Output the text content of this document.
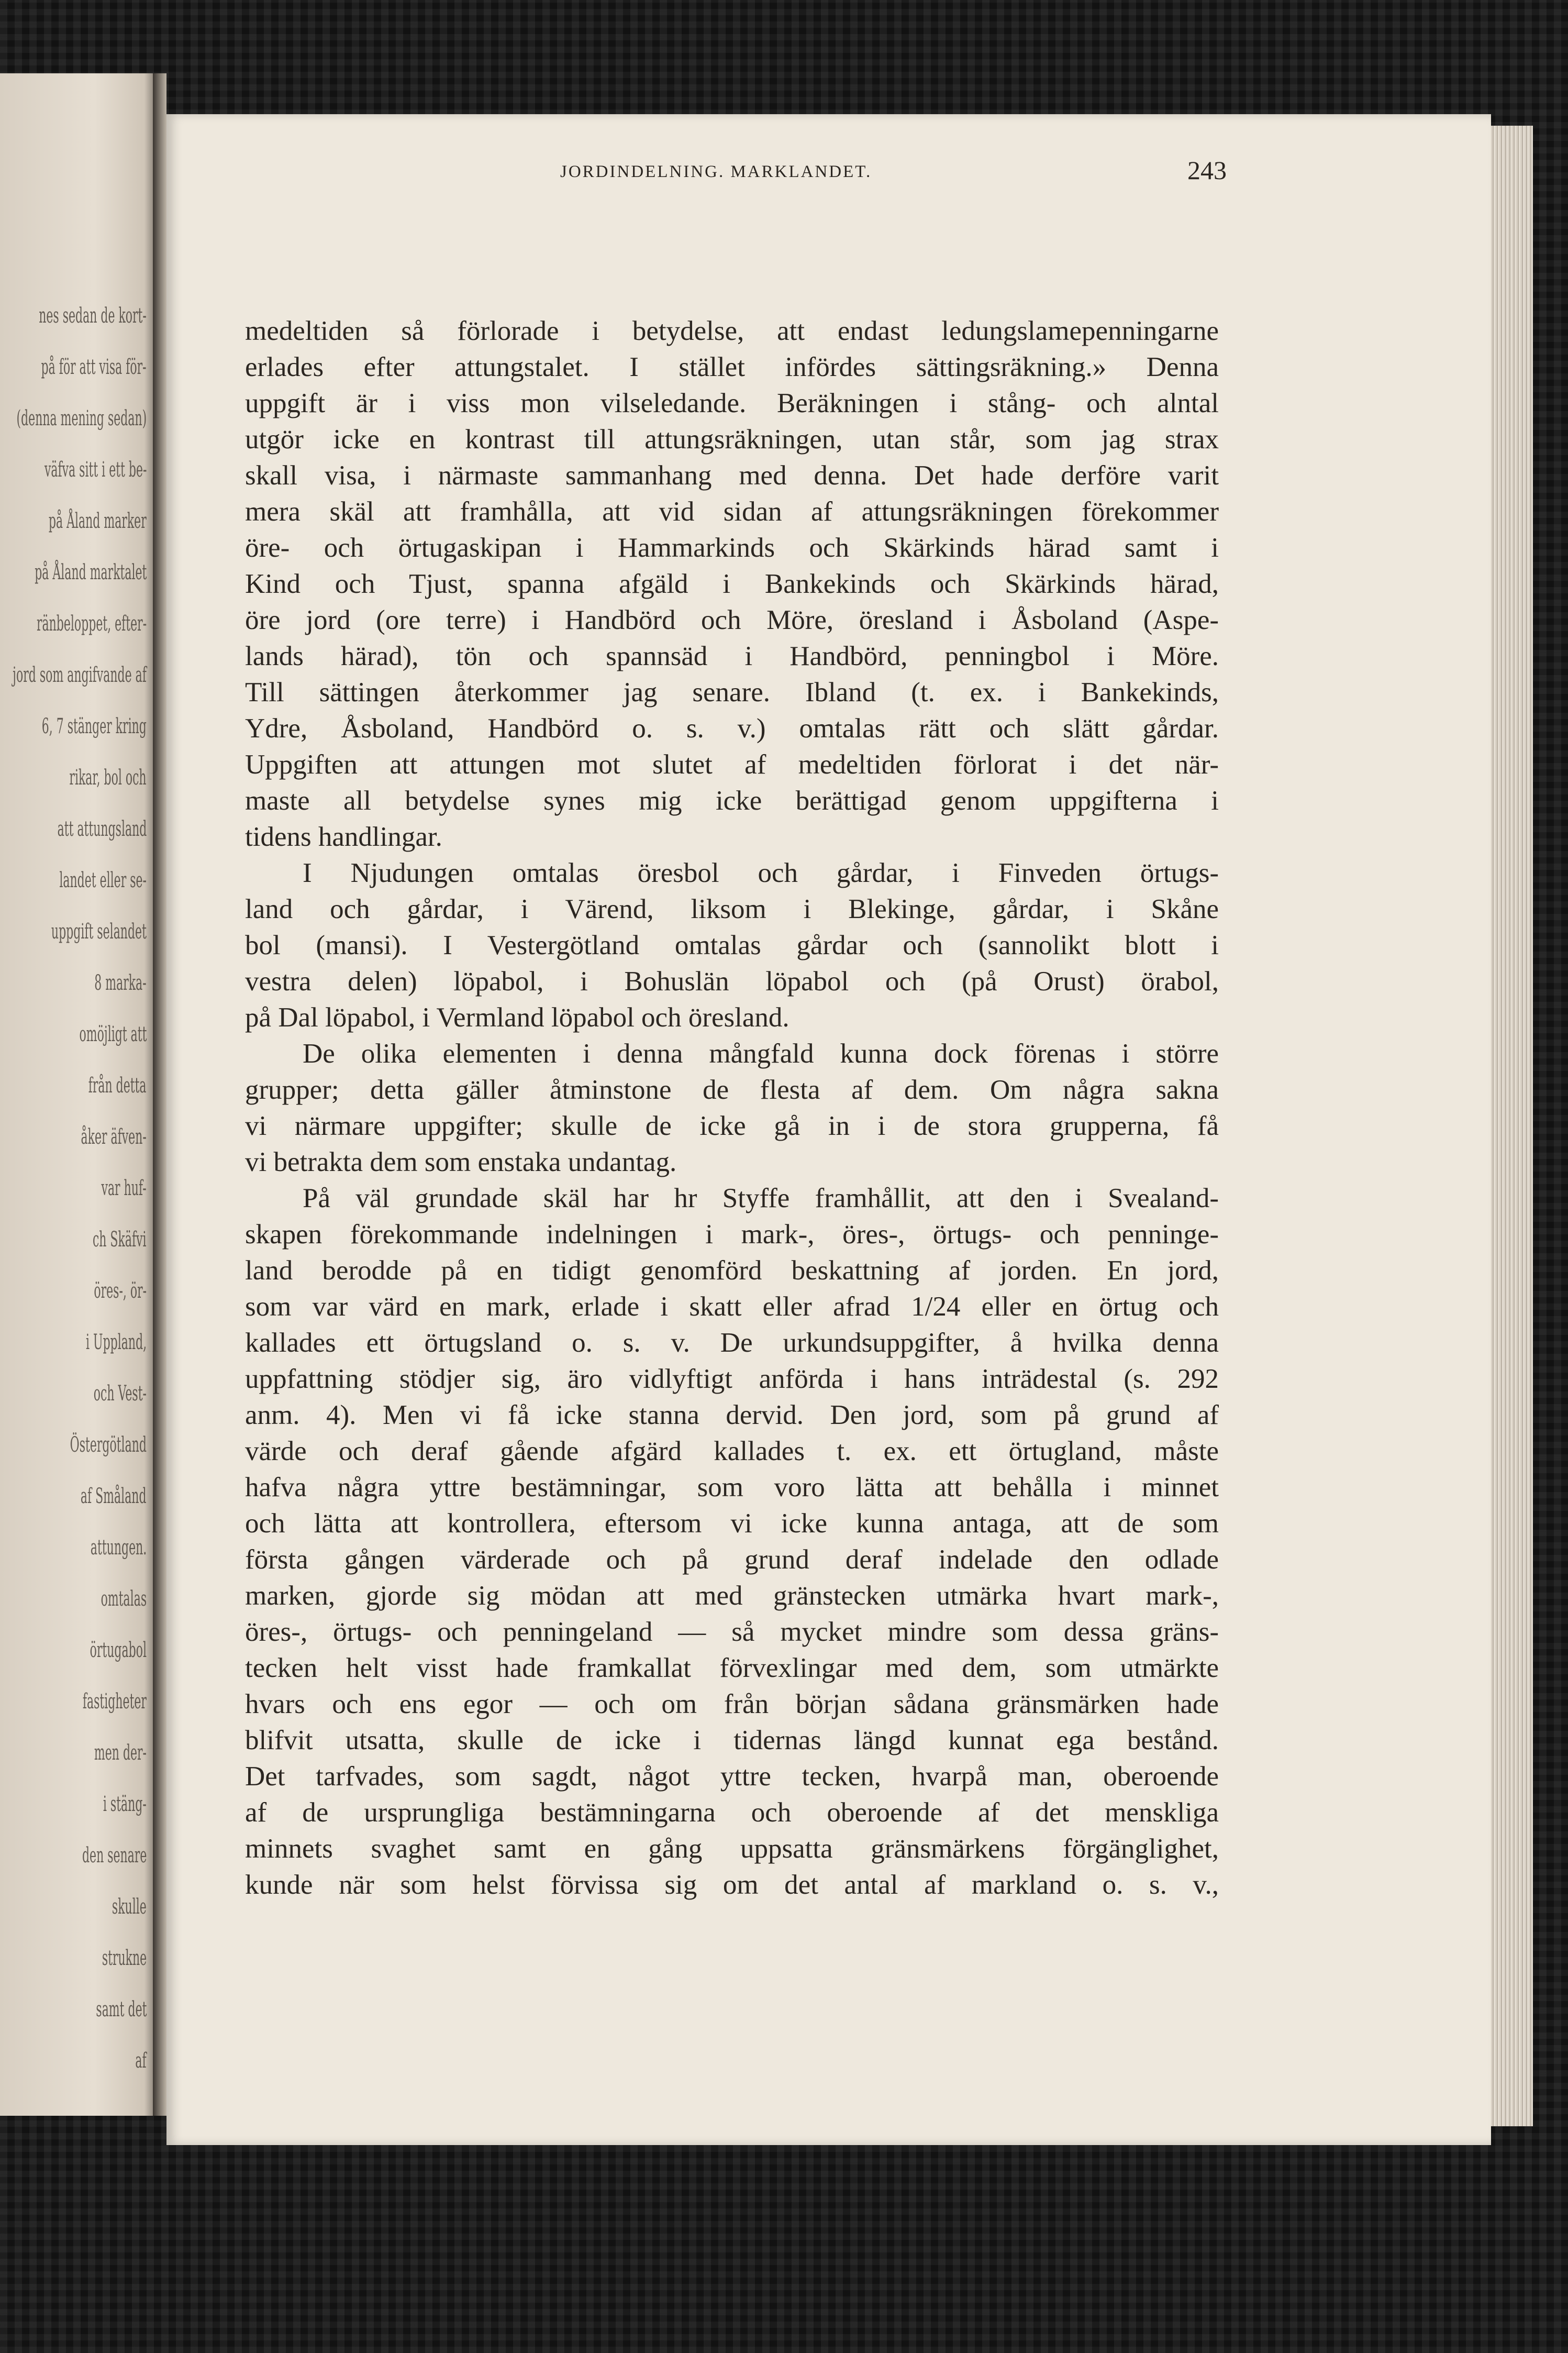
nes sedan de kort-
på för att visa för-
(denna mening sedan)
väfva sitt i ett be-
på Åland marker
på Åland marktalet
ränbeloppet, efter-
jord som angifvande af
6, 7 stänger kring
rikar, bol och
att attungsland
landet eller se-
uppgift selandet
8 marka-
omöjligt att
från detta
åker äfven-
var huf-
ch Skäfvi
öres-, ör-
i Uppland,
och Vest-
Östergötland
af Småland
attungen.
omtalas
örtugabol
fastigheter
men der-
i stäng-
den senare
skulle
strukne
samt det
af
JORDINDELNING. MARKLANDET.	243
medeltiden så förlorade i betydelse, att endast ledungslamepenningarne
erlades efter attungstalet. I stället infördes sättingsräkning.» Denna
uppgift är i viss mon vilseledande. Beräkningen i stång- och alntal
utgör icke en kontrast till attungsräkningen, utan står, som jag strax
skall visa, i närmaste sammanhang med denna. Det hade derföre varit
mera skäl att framhålla, att vid sidan af attungsräkningen förekommer
öre- och örtugaskipan i Hammarkinds och Skärkinds härad samt i
Kind och Tjust, spanna afgäld i Bankekinds och Skärkinds härad,
öre jord (ore terre) i Handbörd och Möre, öresland i Åsboland (Aspe-
lands härad), tön och spannsäd i Handbörd, penningbol i Möre.
Till sättingen återkommer jag senare. Ibland (t. ex. i Bankekinds,
Ydre, Åsboland, Handbörd o. s. v.) omtalas rätt och slätt gårdar.
Uppgiften att attungen mot slutet af medeltiden förlorat i det när-
maste all betydelse synes mig icke berättigad genom uppgifterna i
tidens handlingar.
I Njudungen omtalas öresbol och gårdar, i Finveden örtugs-
land och gårdar, i Värend, liksom i Blekinge, gårdar, i Skåne
bol (mansi). I Vestergötland omtalas gårdar och (sannolikt blott i
vestra delen) löpabol, i Bohuslän löpabol och (på Orust) örabol,
på Dal löpabol, i Vermland löpabol och öresland.
De olika elementen i denna mångfald kunna dock förenas i större
grupper; detta gäller åtminstone de flesta af dem. Om några sakna
vi närmare uppgifter; skulle de icke gå in i de stora grupperna, få
vi betrakta dem som enstaka undantag.
På väl grundade skäl har hr Styffe framhållit, att den i Svealand-
skapen förekommande indelningen i mark-, öres-, örtugs- och penninge-
land berodde på en tidigt genomförd beskattning af jorden. En jord,
som var värd en mark, erlade i skatt eller afrad 1/24 eller en örtug och
kallades ett örtugsland o. s. v. De urkundsuppgifter, å hvilka denna
uppfattning stödjer sig, äro vidlyftigt anförda i hans inträdestal (s. 292
anm. 4). Men vi få icke stanna dervid. Den jord, som på grund af
värde och deraf gående afgärd kallades t. ex. ett örtugland, måste
hafva några yttre bestämningar, som voro lätta att behålla i minnet
och lätta att kontrollera, eftersom vi icke kunna antaga, att de som
första gången värderade och på grund deraf indelade den odlade
marken, gjorde sig mödan att med gränstecken utmärka hvart mark-,
öres-, örtugs- och penningeland — så mycket mindre som dessa gräns-
tecken helt visst hade framkallat förvexlingar med dem, som utmärkte
hvars och ens egor — och om från början sådana gränsmärken hade
blifvit utsatta, skulle de icke i tidernas längd kunnat ega bestånd.
Det tarfvades, som sagdt, något yttre tecken, hvarpå man, oberoende
af de ursprungliga bestämningarna och oberoende af det menskliga
minnets svaghet samt en gång uppsatta gränsmärkens förgänglighet,
kunde när som helst förvissa sig om det antal af markland o. s. v.,
